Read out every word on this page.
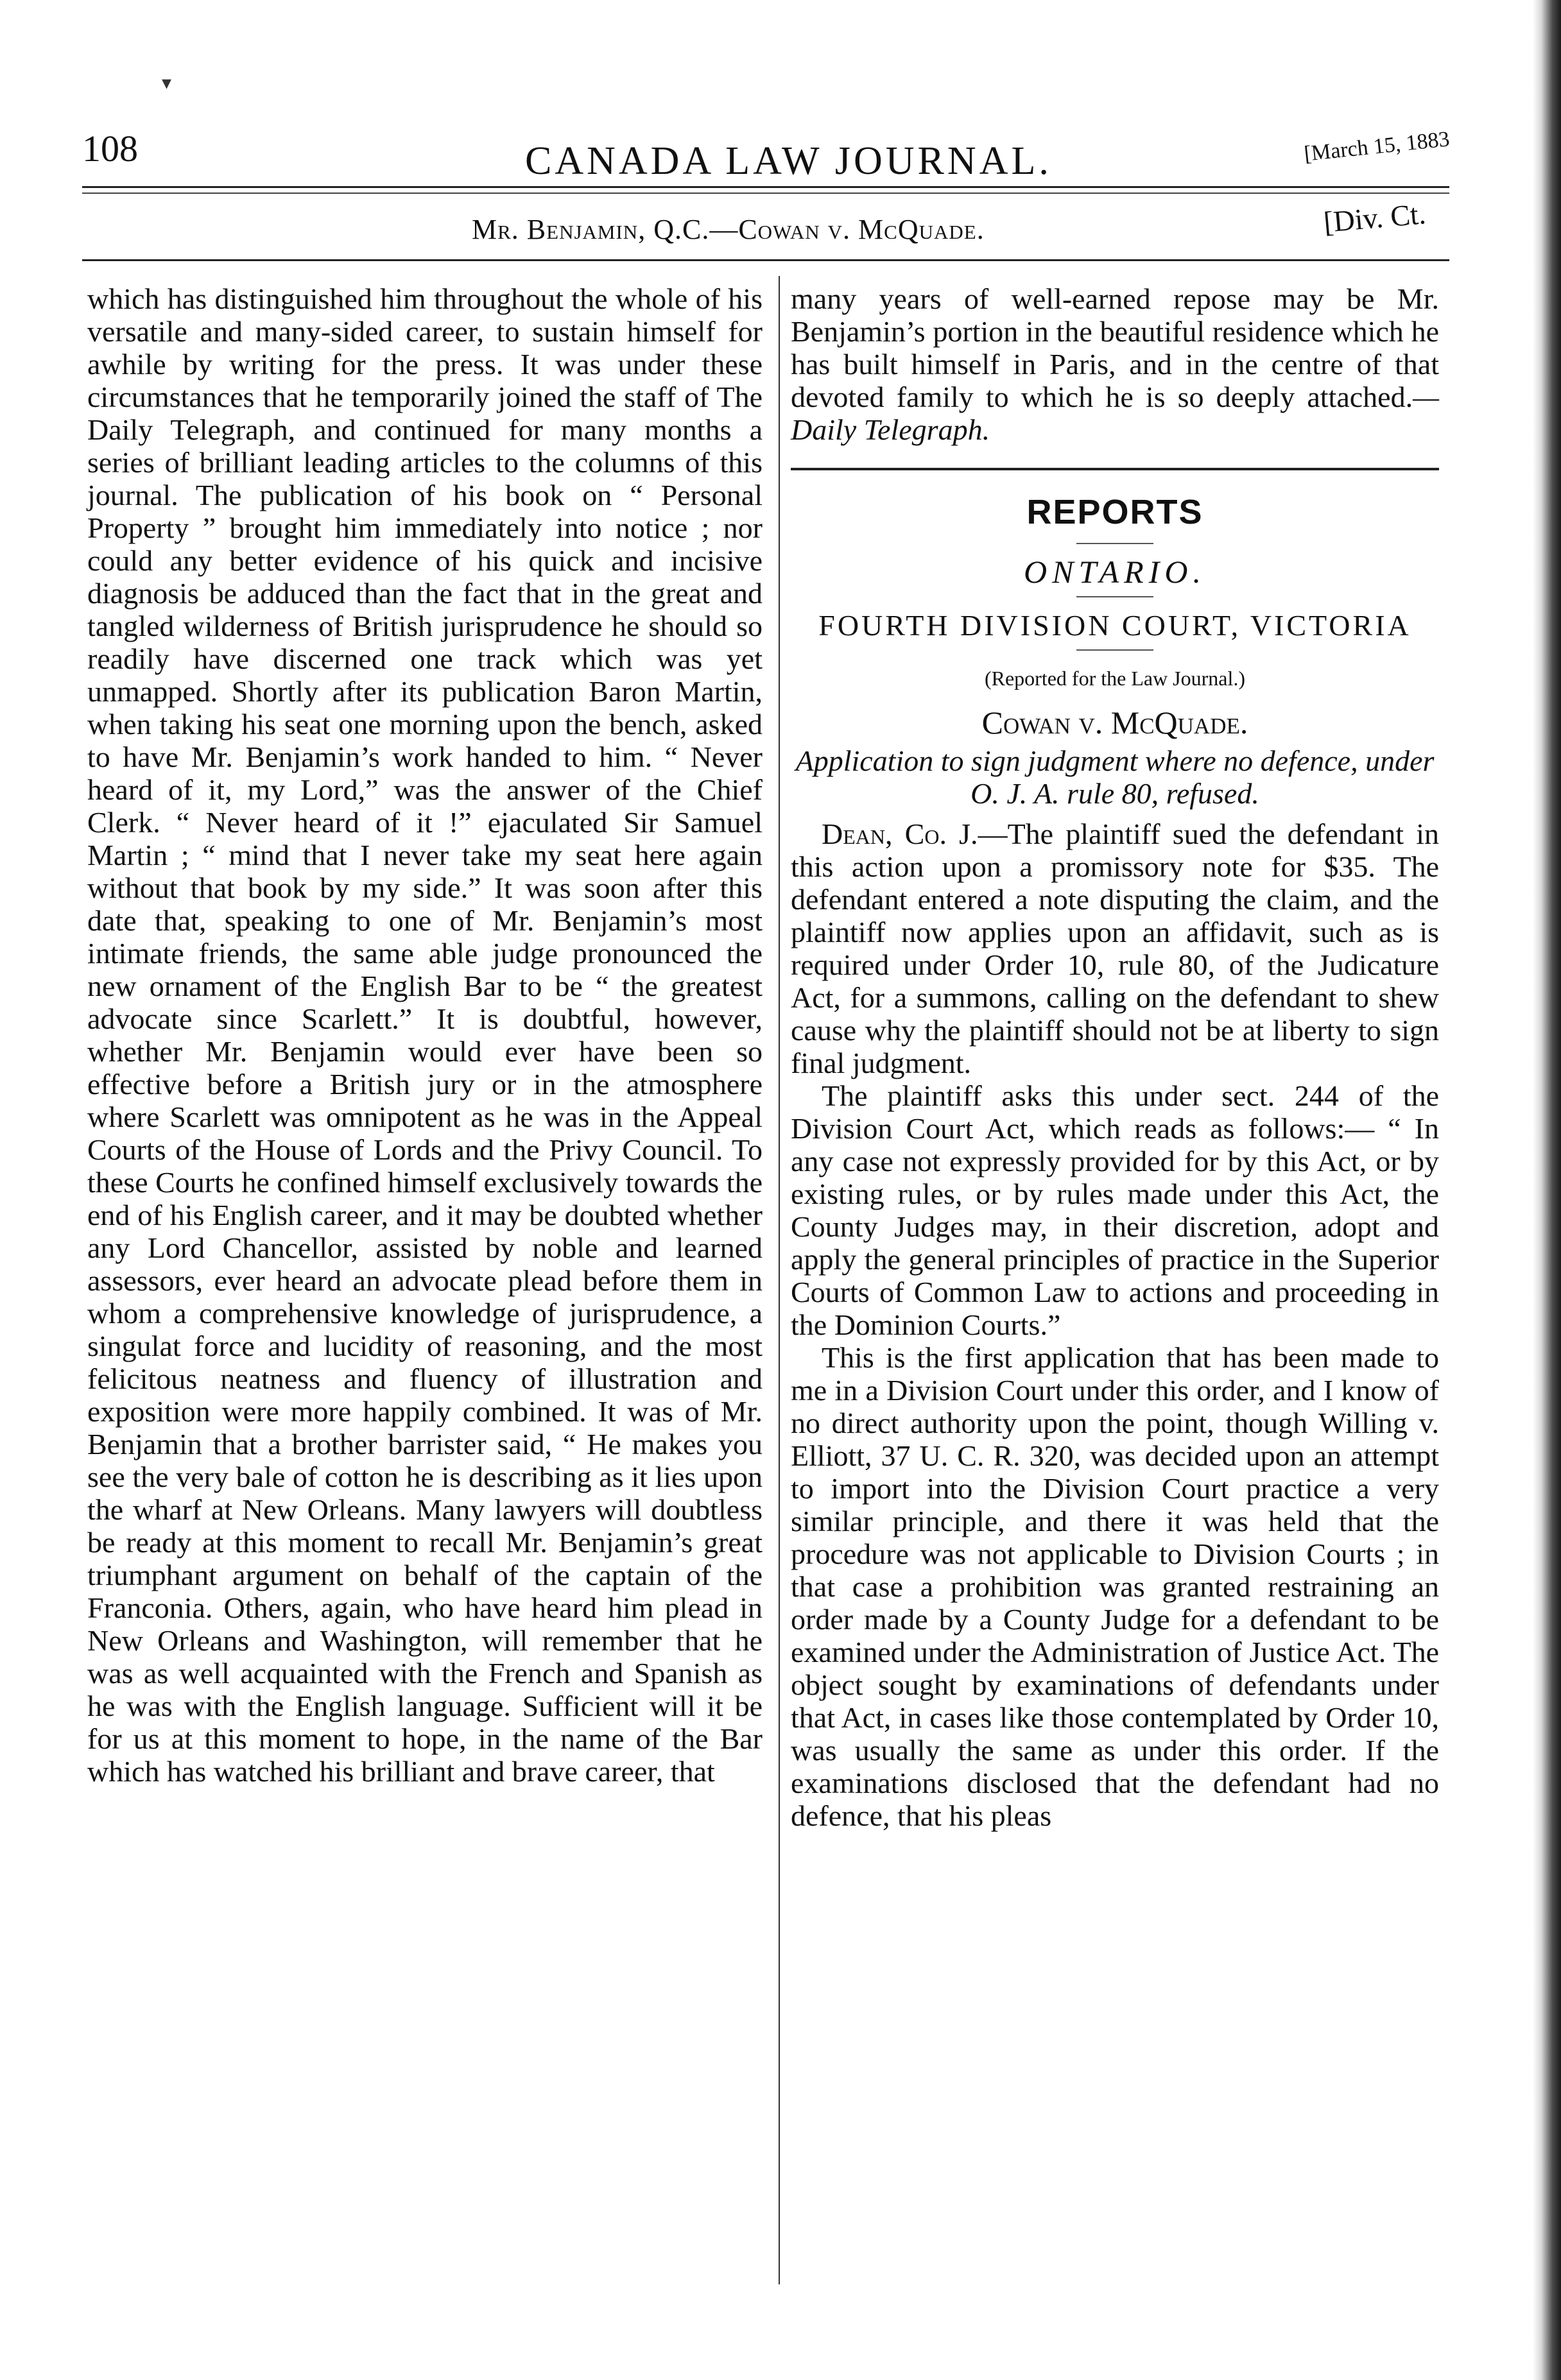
▾
108	CANADA LAW JOURNAL.	[March 15, 1883
Mr. Benjamin, Q.C.—Cowan v. McQuade.	[Div. Ct.

which has distinguished him throughout the whole of his versatile and many-sided career, to sustain himself for awhile by writing for the press. It was under these circumstances that he temporarily joined the staff of The Daily Telegraph, and continued for many months a series of brilliant leading articles to the columns of this journal. The publication of his book on “ Personal Property ” brought him immediately into notice ; nor could any better evidence of his quick and incisive diagnosis be adduced than the fact that in the great and tangled wilderness of British jurisprudence he should so readily have discerned one track which was yet unmapped. Shortly after its publication Baron Martin, when taking his seat one morning upon the bench, asked to have Mr. Benjamin’s work handed to him. “ Never heard of it, my Lord,” was the answer of the Chief Clerk. “ Never heard of it !” ejaculated Sir Samuel Martin ; “ mind that I never take my seat here again without that book by my side.” It was soon after this date that, speaking to one of Mr. Benjamin’s most intimate friends, the same able judge pronounced the new ornament of the English Bar to be “ the greatest advocate since Scarlett.” It is doubtful, however, whether Mr. Benjamin would ever have been so effective before a British jury or in the atmosphere where Scarlett was omnipotent as he was in the Appeal Courts of the House of Lords and the Privy Council. To these Courts he confined himself exclusively towards the end of his English career, and it may be doubted whether any Lord Chancellor, assisted by noble and learned assessors, ever heard an advocate plead before them in whom a comprehensive knowledge of jurisprudence, a singulat force and lucidity of reasoning, and the most felicitous neatness and fluency of illustration and exposition were more happily combined. It was of Mr. Benjamin that a brother barrister said, “ He makes you see the very bale of cotton he is describing as it lies upon the wharf at New Orleans. Many lawyers will doubtless be ready at this moment to recall Mr. Benjamin’s great triumphant argument on behalf of the captain of the Franconia. Others, again, who have heard him plead in New Orleans and Washington, will remember that he was as well acquainted with the French and Spanish as he was with the English language. Sufficient will it be for us at this moment to hope, in the name of the Bar which has watched his brilliant and brave career, that

many years of well-earned repose may be Mr. Benjamin’s portion in the beautiful residence which he has built himself in Paris, and in the centre of that devoted family to which he is so deeply attached.—Daily Telegraph.

REPORTS
ONTARIO.
FOURTH DIVISION COURT, VICTORIA
(Reported for the Law Journal.)
Cowan v. McQuade.
Application to sign judgment where no defence, under O. J. A. rule 80, refused.

Dean, Co. J.—The plaintiff sued the defendant in this action upon a promissory note for $35. The defendant entered a note disputing the claim, and the plaintiff now applies upon an affidavit, such as is required under Order 10, rule 80, of the Judicature Act, for a summons, calling on the defendant to shew cause why the plaintiff should not be at liberty to sign final judgment.

The plaintiff asks this under sect. 244 of the Division Court Act, which reads as follows:— “ In any case not expressly provided for by this Act, or by existing rules, or by rules made under this Act, the County Judges may, in their discretion, adopt and apply the general principles of practice in the Superior Courts of Common Law to actions and proceeding in the Dominion Courts.”

This is the first application that has been made to me in a Division Court under this order, and I know of no direct authority upon the point, though Willing v. Elliott, 37 U. C. R. 320, was decided upon an attempt to import into the Division Court practice a very similar principle, and there it was held that the procedure was not applicable to Division Courts ; in that case a prohibition was granted restraining an order made by a County Judge for a defendant to be examined under the Administration of Justice Act. The object sought by examinations of defendants under that Act, in cases like those contemplated by Order 10, was usually the same as under this order. If the examinations disclosed that the defendant had no defence, that his pleas
